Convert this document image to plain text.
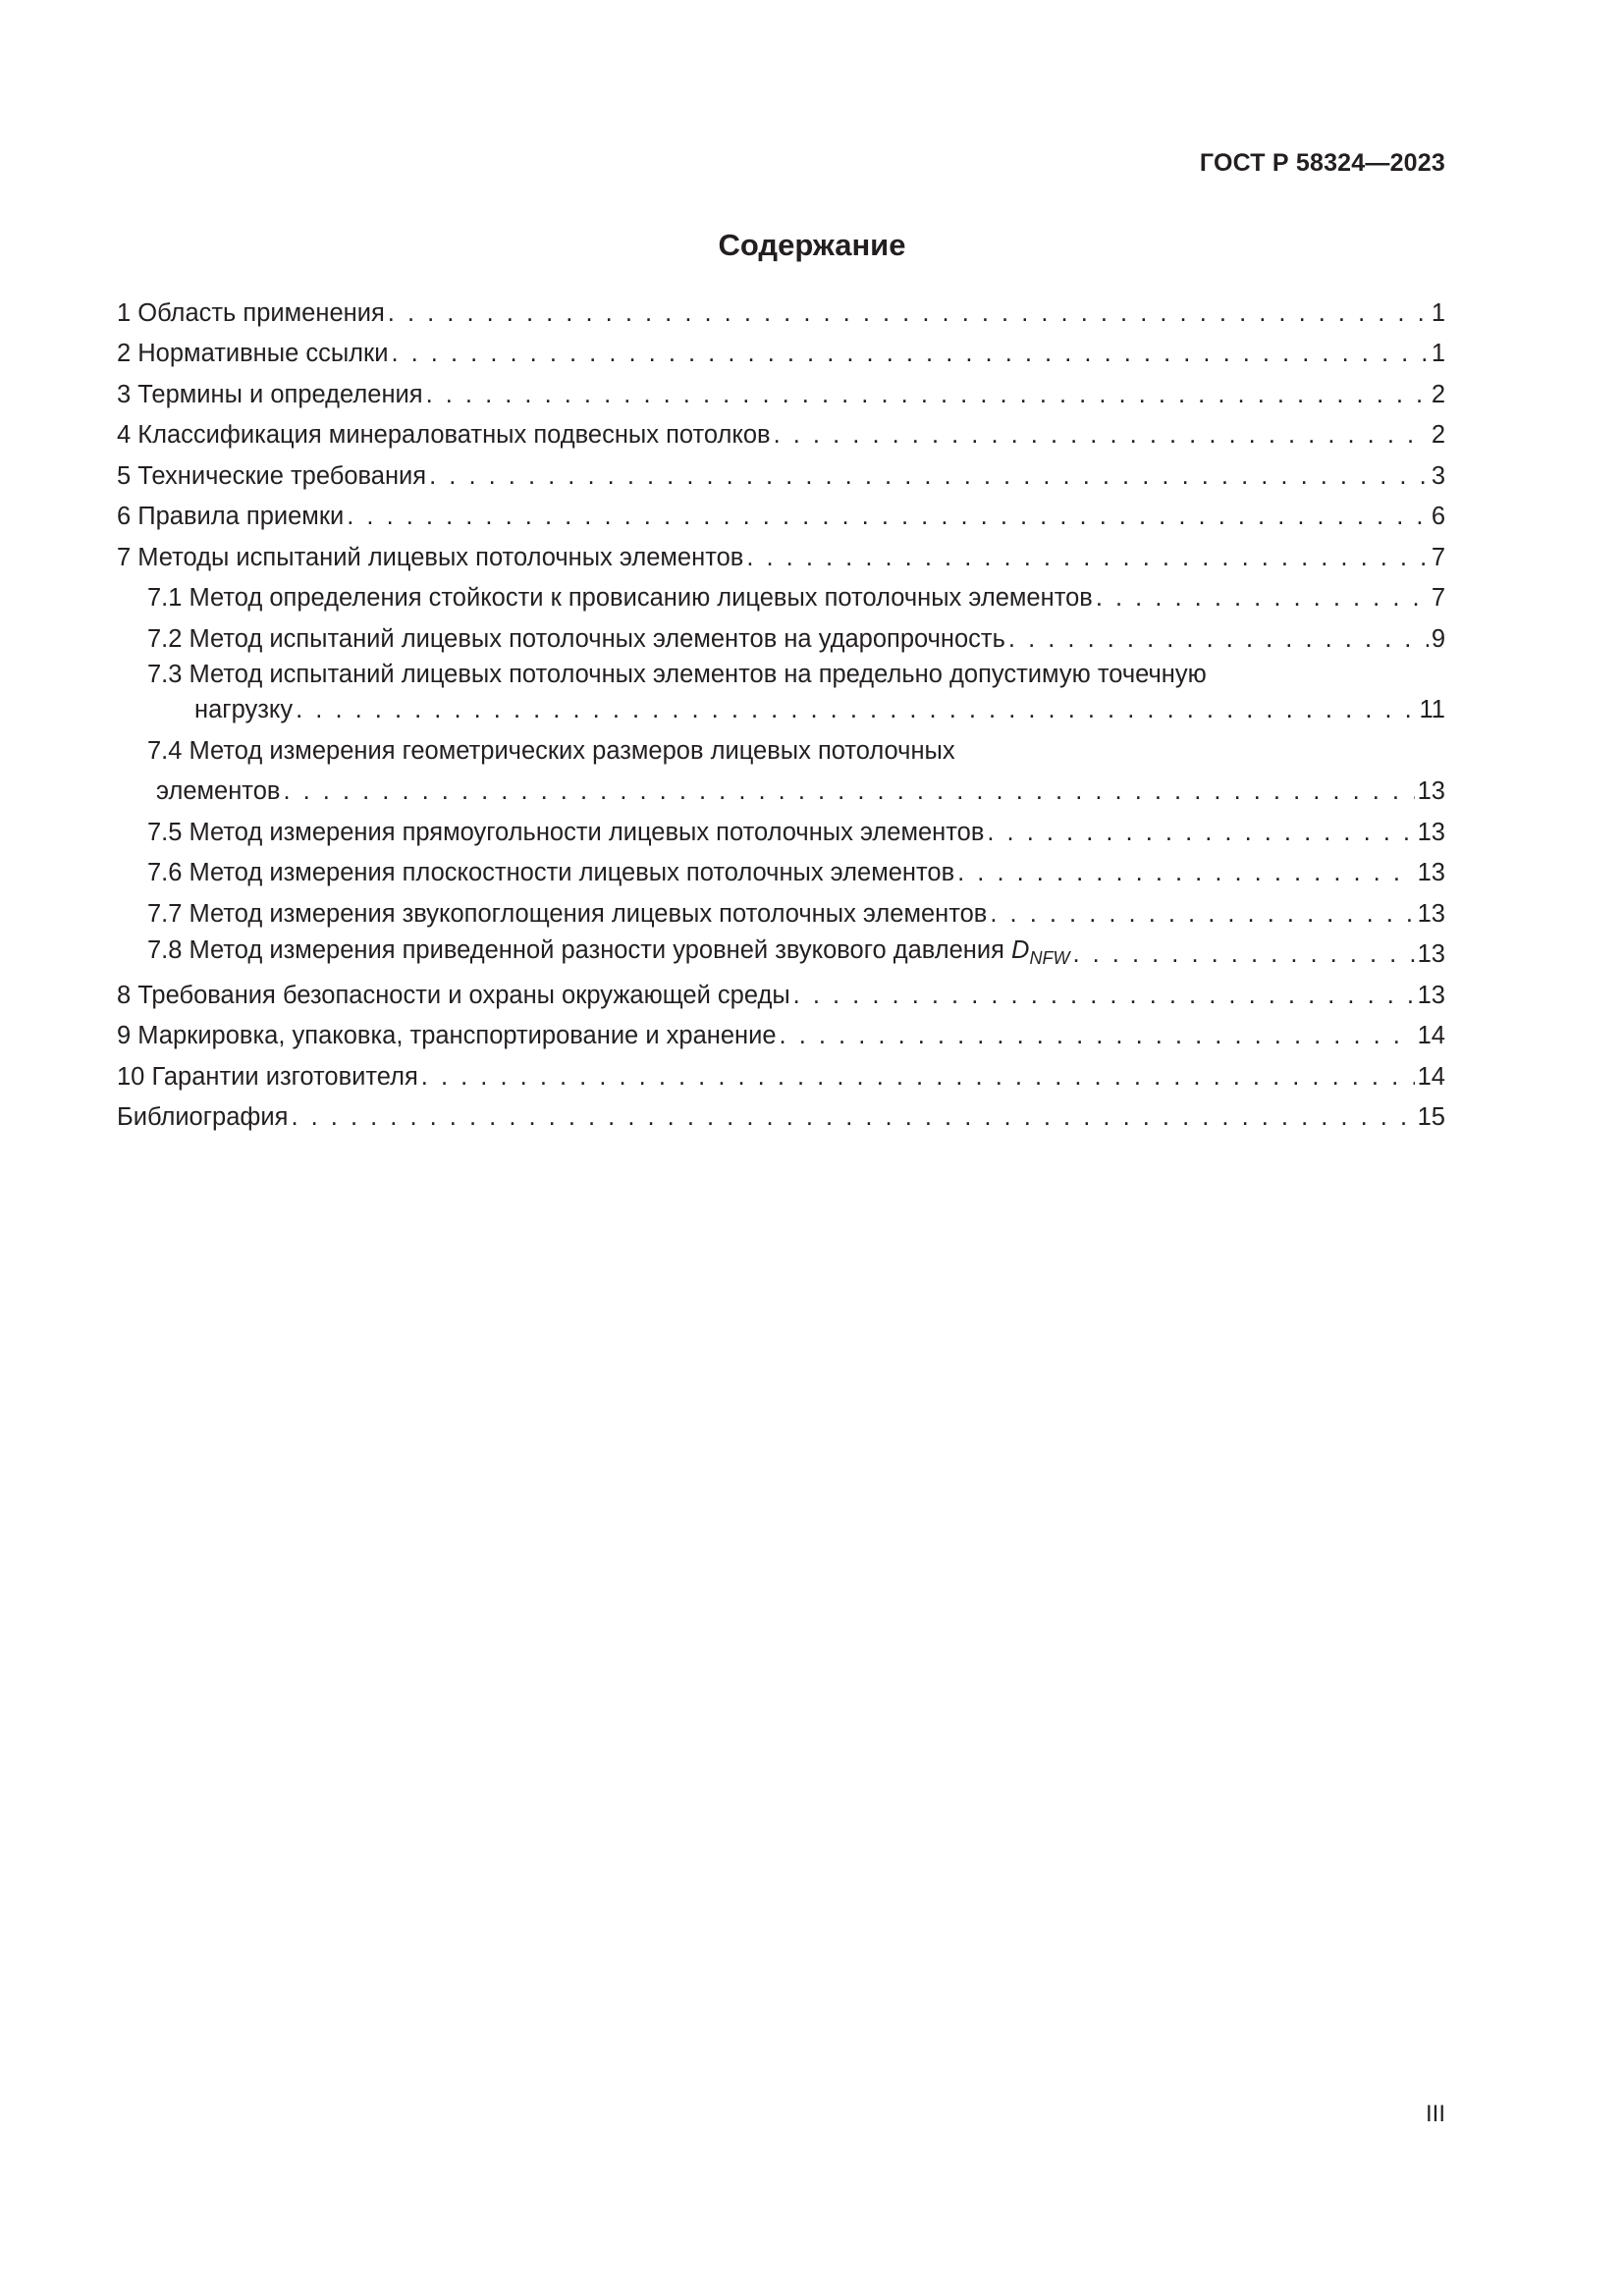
ГОСТ Р 58324—2023
Содержание
1 Область применения . . .	1
2 Нормативные ссылки . . .	1
3 Термины и определения . . .	2
4 Классификация минераловатных подвесных потолков . . .	2
5 Технические требования . . .	3
6 Правила приемки . . .	6
7 Методы испытаний лицевых потолочных элементов . . .	7
7.1 Метод определения стойкости к провисанию лицевых потолочных элементов . . .	7
7.2 Метод испытаний лицевых потолочных элементов на ударопрочность . . .	9
7.3 Метод испытаний лицевых потолочных элементов на предельно допустимую точечную
нагрузку . . .	11
7.4 Метод измерения геометрических размеров лицевых потолочных
элементов . . .	13
7.5 Метод измерения прямоугольности лицевых потолочных элементов . . .	13
7.6 Метод измерения плоскостности лицевых потолочных элементов . . .	13
7.7 Метод измерения звукопоглощения лицевых потолочных элементов . . .	13
7.8 Метод измерения приведенной разности уровней звукового давления $D_{NFW}$ . . .	13
8 Требования безопасности и охраны окружающей среды . . .	13
9 Маркировка, упаковка, транспортирование и хранение . . .	14
10 Гарантии изготовителя . . .	14
Библиография . . .	15
III
